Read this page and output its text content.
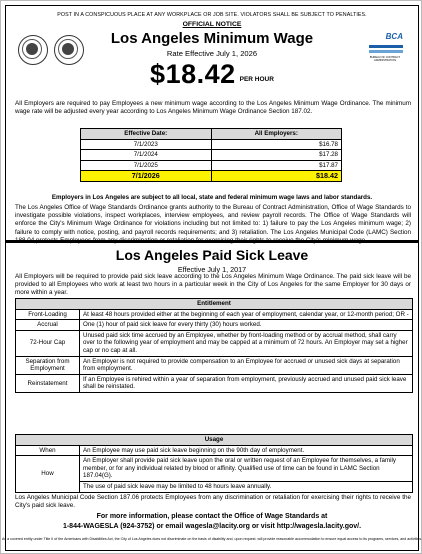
POST IN A CONSPICUOUS PLACE AT ANY WORKPLACE OR JOB SITE. VIOLATORS SHALL BE SUBJECT TO PENALTIES.
OFFICIAL NOTICE
BCA
BUREAU OF CONTRACT ADMINISTRATION
Los Angeles Minimum Wage
Rate Effective July 1, 2026
$18.42 PER HOUR
All Employers are required to pay Employees a new minimum wage according to the Los Angeles Minimum Wage Ordinance. The minimum wage rate will be adjusted every year according to Los Angeles Minimum Wage Ordinance Section 187.02.
Effective Date:	All Employers:
7/1/2023	$16.78
7/1/2024	$17.28
7/1/2025	$17.87
7/1/2026	$18.42
Employers in Los Angeles are subject to all local, state and federal minimum wage laws and labor standards.
The Los Angeles Office of Wage Standards Ordinance grants authority to the Bureau of Contract Administration, Office of Wage Standards to investigate possible violations, inspect workplaces, interview employees, and review payroll records. The Office of Wage Standards will enforce the City's Minimum Wage Ordinance for violations including but not limited to: 1) failure to pay the Los Angeles minimum wage; 2) failure to comply with notice, posting, and payroll records requirements; and 3) retaliation. The Los Angeles Municipal Code (LAMC) Section
Los Angeles Paid Sick Leave
Effective July 1, 2017
All Employers will be required to provide paid sick leave according to the Los Angeles Minimum Wage Ordinance. The paid sick leave will be provided to all Employees who work at least two hours in a particular week in the City of Los Angeles for the same Employer for 30 days or more within a year.
Entitlement	
Front-Loading	At least 48 hours provided either at the beginning of each year of employment, calendar year, or 12-month period; OR -
Accrual	One (1) hour of paid sick leave for every thirty (30) hours worked.
72-Hour Cap	Unused paid sick time accrued by an Employee, whether by front-loading method or by accrual method, shall carry over to the following year of employment and may be capped at a minimum of 72 hours. An Employer may set a higher cap or no cap at all.
Separation from Employment	An Employer is not required to provide compensation to an Employee for accrued or unused sick days at separation from employment.
Reinstatement	If an Employee is rehired within a year of separation from employment, previously accrued and unused paid sick leave shall be reinstated.
Usage	
When	An Employee may use paid sick leave beginning on the 90th day of employment.
How	An Employer shall provide paid sick leave upon the oral or written request of an Employee for themselves, a family member, or for any individual related by blood or affinity. Qualified use of time can be found in LAMC Section 187.04(G).
	The use of paid sick leave may be limited to 48 hours leave annually.
Los Angeles Municipal Code Section 187.06 protects Employees from any discrimination or retaliation for exercising their rights to receive the City's paid sick leave.
For more information, please contact the Office of Wage Standards at
1-844-WAGESLA (924-3752) or email wagesla@lacity.org or visit http://wagesla.lacity.gov/.
As a covered entity under Title II of the Americans with Disabilities Act, the City of Los Angeles does not discriminate on the basis of disability and, upon request, will provide reasonable accommodation to ensure equal access to its programs, services, and activities.
